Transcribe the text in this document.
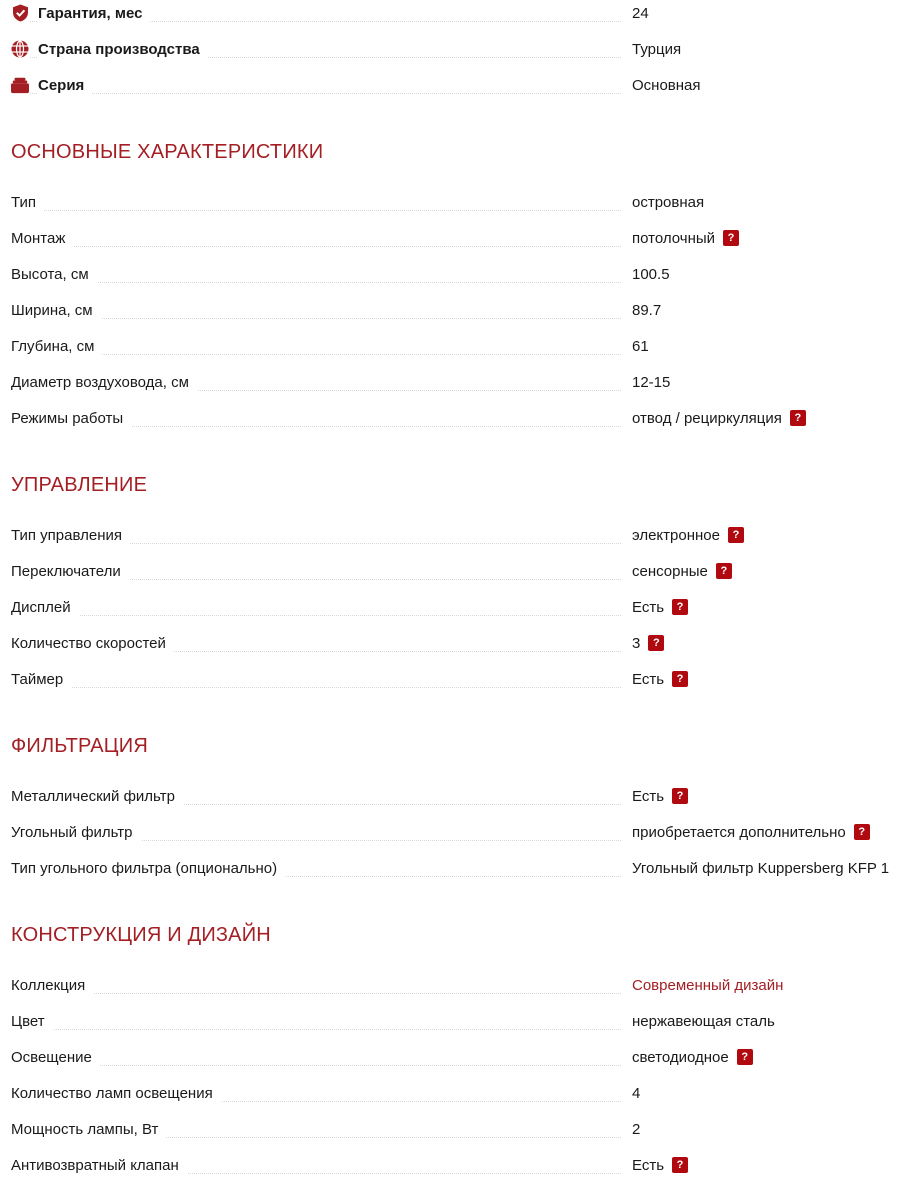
Гарантия, мес	24
Страна производства	Турция
Серия	Основная
ОСНОВНЫЕ ХАРАКТЕРИСТИКИ
Тип	островная
Монтаж	потолочный	?
Высота, см	100.5
Ширина, см	89.7
Глубина, см	61
Диаметр воздуховода, см	12-15
Режимы работы	отвод / рециркуляция	?
УПРАВЛЕНИЕ
Тип управления	электронное	?
Переключатели	сенсорные	?
Дисплей	Есть	?
Количество скоростей	3	?
Таймер	Есть	?
ФИЛЬТРАЦИЯ
Металлический фильтр	Есть	?
Угольный фильтр	приобретается дополнительно	?
Тип угольного фильтра (опционально)	Угольный фильтр Kuppersberg KFP 1
КОНСТРУКЦИЯ И ДИЗАЙН
Коллекция	Современный дизайн
Цвет	нержавеющая сталь
Освещение	светодиодное	?
Количество ламп освещения	4
Мощность лампы, Вт	2
Антивозвратный клапан	Есть	?
